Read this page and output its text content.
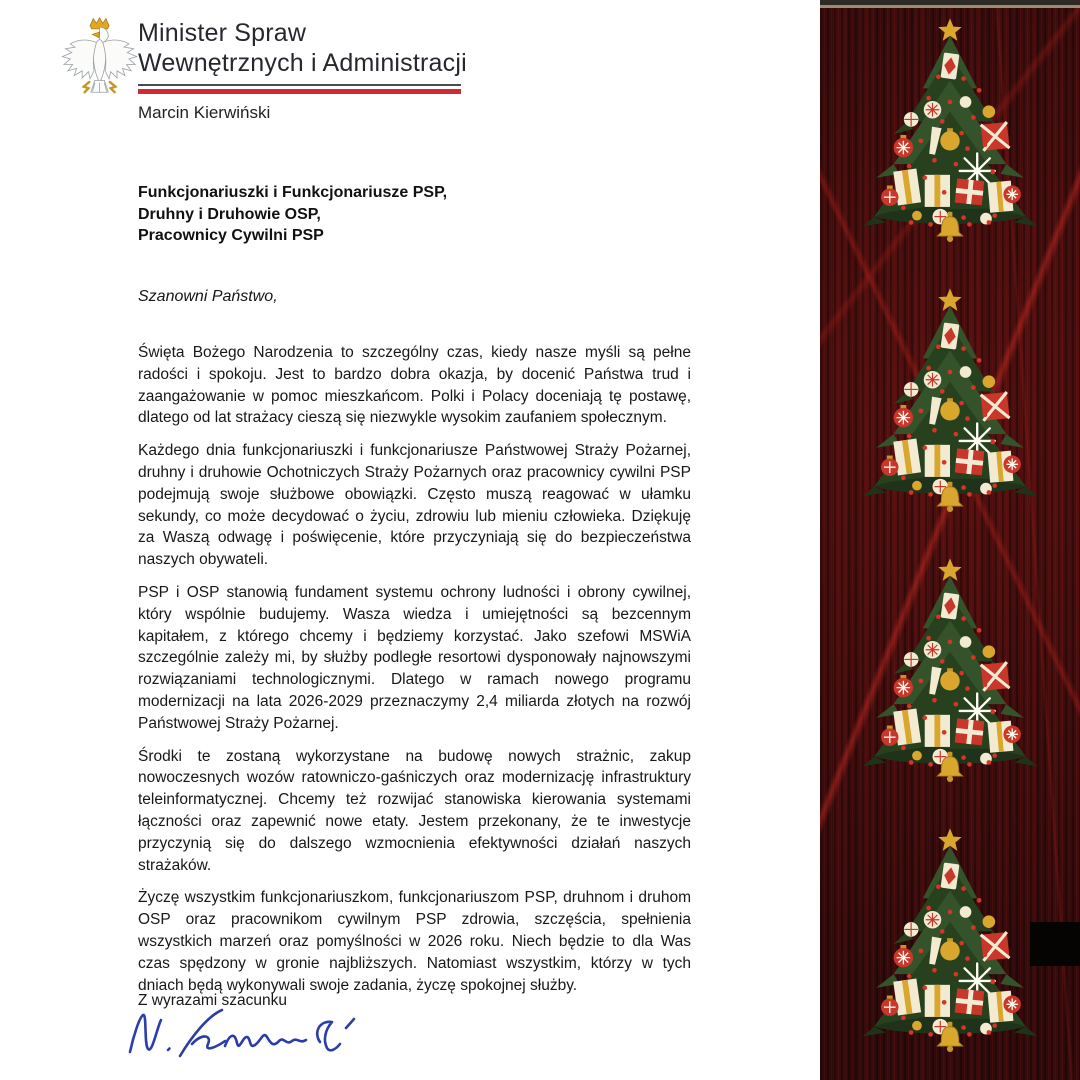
Minister Spraw
Wewnętrznych i Administracji
Marcin Kierwiński
Funkcjonariuszki i Funkcjonariusze PSP,
Druhny i Druhowie OSP,
Pracownicy Cywilni PSP
Szanowni Państwo,

Święta Bożego Narodzenia to szczególny czas, kiedy nasze myśli są pełne radości i spokoju. Jest to bardzo dobra okazja, by docenić Państwa trud i zaangażowanie w pomoc mieszkańcom. Polki i Polacy doceniają tę postawę, dlatego od lat strażacy cieszą się niezwykle wysokim zaufaniem społecznym.

Każdego dnia funkcjonariuszki i funkcjonariusze Państwowej Straży Pożarnej, druhny i druhowie Ochotniczych Straży Pożarnych oraz pracownicy cywilni PSP podejmują swoje służbowe obowiązki. Często muszą reagować w ułamku sekundy, co może decydować o życiu, zdrowiu lub mieniu człowieka. Dziękuję za Waszą odwagę i poświęcenie, które przyczyniają się do bezpieczeństwa naszych obywateli.

PSP i OSP stanowią fundament systemu ochrony ludności i obrony cywilnej, który wspólnie budujemy. Wasza wiedza i umiejętności są bezcennym kapitałem, z którego chcemy i będziemy korzystać. Jako szefowi MSWiA szczególnie zależy mi, by służby podległe resortowi dysponowały najnowszymi rozwiązaniami technologicznymi. Dlatego w ramach nowego programu modernizacji na lata 2026-2029 przeznaczymy 2,4 miliarda złotych na rozwój Państwowej Straży Pożarnej.

Środki te zostaną wykorzystane na budowę nowych strażnic, zakup nowoczesnych wozów ratowniczo-gaśniczych oraz modernizację infrastruktury teleinformatycznej. Chcemy też rozwijać stanowiska kierowania systemami łączności oraz zapewnić nowe etaty. Jestem przekonany, że te inwestycje przyczynią się do dalszego wzmocnienia efektywności działań naszych strażaków.

Życzę wszystkim funkcjonariuszkom, funkcjonariuszom PSP, druhnom i druhom OSP oraz pracownikom cywilnym PSP zdrowia, szczęścia, spełnienia wszystkich marzeń oraz pomyślności w 2026 roku. Niech będzie to dla Was czas spędzony w gronie najbliższych. Natomiast wszystkim, którzy w tych dniach będą wykonywali swoje zadania, życzę spokojnej służby.

Z wyrazami szacunku
